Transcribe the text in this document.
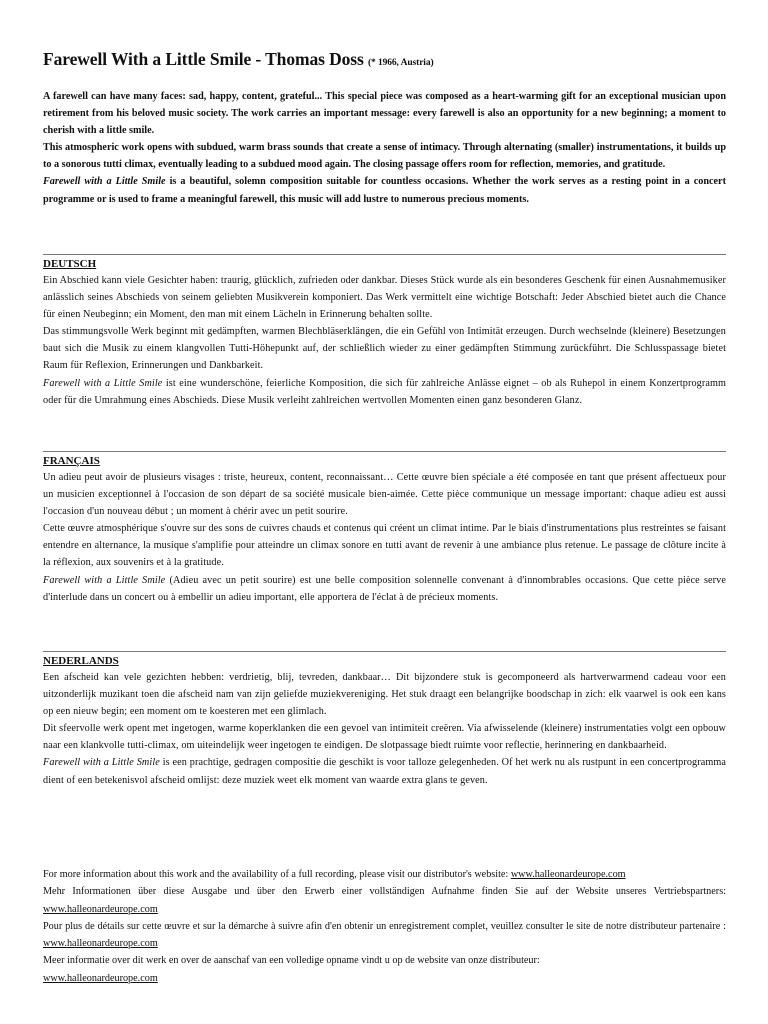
Farewell With a Little Smile - Thomas Doss (* 1966, Austria)

A farewell can have many faces: sad, happy, content, grateful... This special piece was composed as a heart-warming gift for an exceptional musician upon retirement from his beloved music society. The work carries an important message: every farewell is also an opportunity for a new beginning; a moment to cherish with a little smile.

This atmospheric work opens with subdued, warm brass sounds that create a sense of intimacy. Through alternating (smaller) instrumentations, it builds up to a sonorous tutti climax, eventually leading to a subdued mood again. The closing passage offers room for reflection, memories, and gratitude.

Farewell with a Little Smile is a beautiful, solemn composition suitable for countless occasions. Whether the work serves as a resting point in a concert programme or is used to frame a meaningful farewell, this music will add lustre to numerous precious moments.

DEUTSCH

Ein Abschied kann viele Gesichter haben: traurig, glücklich, zufrieden oder dankbar. Dieses Stück wurde als ein besonderes Geschenk für einen Ausnahmemusiker anlässlich seines Abschieds von seinem geliebten Musikverein komponiert. Das Werk vermittelt eine wichtige Botschaft: Jeder Abschied bietet auch die Chance für einen Neubeginn; ein Moment, den man mit einem Lächeln in Erinnerung behalten sollte.

Das stimmungsvolle Werk beginnt mit gedämpften, warmen Blechbläserklängen, die ein Gefühl von Intimität erzeugen. Durch wechselnde (kleinere) Besetzungen baut sich die Musik zu einem klangvollen Tutti-Höhepunkt auf, der schließlich wieder zu einer gedämpften Stimmung zurückführt. Die Schlusspassage bietet Raum für Reflexion, Erinnerungen und Dankbarkeit.

Farewell with a Little Smile ist eine wunderschöne, feierliche Komposition, die sich für zahlreiche Anlässe eignet – ob als Ruhepol in einem Konzertprogramm oder für die Umrahmung eines Abschieds. Diese Musik verleiht zahlreichen wertvollen Momenten einen ganz besonderen Glanz.

FRANÇAIS

Un adieu peut avoir de plusieurs visages : triste, heureux, content, reconnaissant… Cette œuvre bien spéciale a été composée en tant que présent affectueux pour un musicien exceptionnel à l'occasion de son départ de sa société musicale bien-aimée. Cette pièce communique un message important: chaque adieu est aussi l'occasion d'un nouveau début ; un moment à chérir avec un petit sourire.

Cette œuvre atmosphérique s'ouvre sur des sons de cuivres chauds et contenus qui créent un climat intime. Par le biais d'instrumentations plus restreintes se faisant entendre en alternance, la musique s'amplifie pour atteindre un climax sonore en tutti avant de revenir à une ambiance plus retenue. Le passage de clôture incite à la réflexion, aux souvenirs et à la gratitude.

Farewell with a Little Smile (Adieu avec un petit sourire) est une belle composition solennelle convenant à d'innombrables occasions. Que cette pièce serve d'interlude dans un concert ou à embellir un adieu important, elle apportera de l'éclat à de précieux moments.

NEDERLANDS

Een afscheid kan vele gezichten hebben: verdrietig, blij, tevreden, dankbaar… Dit bijzondere stuk is gecomponeerd als hartverwarmend cadeau voor een uitzonderlijk muzikant toen die afscheid nam van zijn geliefde muziekvereniging. Het stuk draagt een belangrijke boodschap in zich: elk vaarwel is ook een kans op een nieuw begin; een moment om te koesteren met een glimlach.

Dit sfeervolle werk opent met ingetogen, warme koperklanken die een gevoel van intimiteit creëren. Via afwisselende (kleinere) instrumentaties volgt een opbouw naar een klankvolle tutti-climax, om uiteindelijk weer ingetogen te eindigen. De slotpassage biedt ruimte voor reflectie, herinnering en dankbaarheid.

Farewell with a Little Smile is een prachtige, gedragen compositie die geschikt is voor talloze gelegenheden. Of het werk nu als rustpunt in een concertprogramma dient of een betekenisvol afscheid omlijst: deze muziek weet elk moment van waarde extra glans te geven.

For more information about this work and the availability of a full recording, please visit our distributor's website: www.halleonardeurope.com

Mehr Informationen über diese Ausgabe und über den Erwerb einer vollständigen Aufnahme finden Sie auf der Website unseres Vertriebspartners: www.halleonardeurope.com

Pour plus de détails sur cette œuvre et sur la démarche à suivre afin d'en obtenir un enregistrement complet, veuillez consulter le site de notre distributeur partenaire : www.halleonardeurope.com

Meer informatie over dit werk en over de aanschaf van een volledige opname vindt u op de website van onze distributeur:
www.halleonardeurope.com
